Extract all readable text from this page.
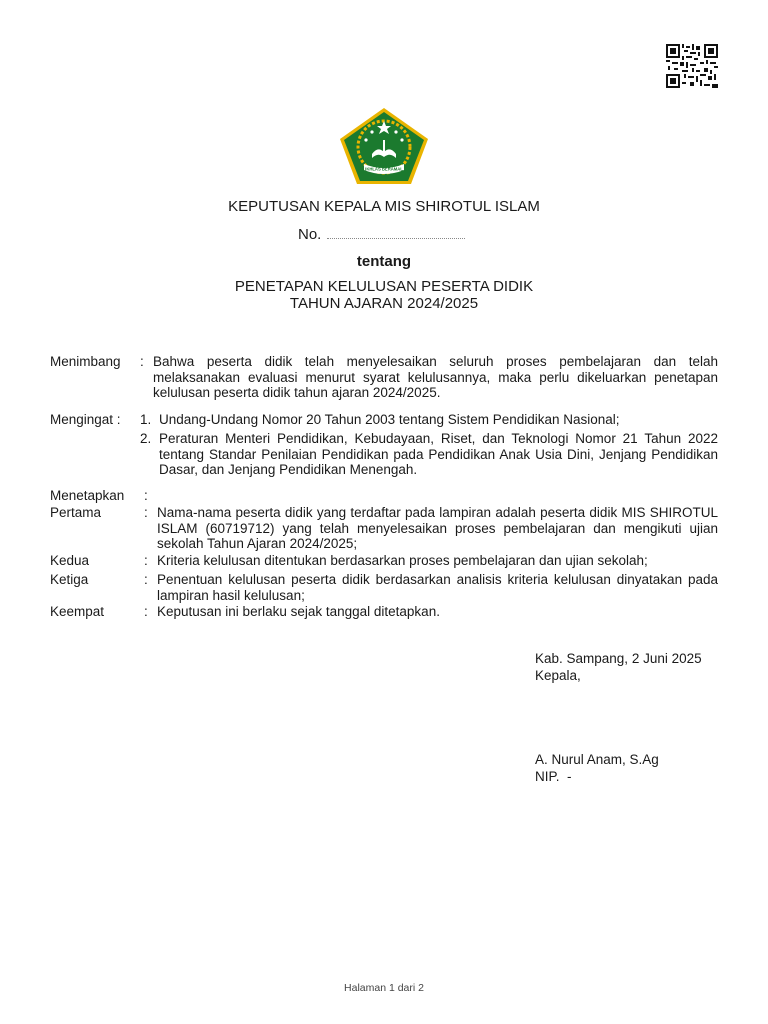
IKHLAS BERAMAL
KEPUTUSAN KEPALA MIS SHIROTUL ISLAM
No.
tentang
PENETAPAN KELULUSAN PESERTA DIDIK
TAHUN AJARAN 2024/2025
Menimbang : Bahwa peserta didik telah menyelesaikan seluruh proses pembelajaran dan telah melaksanakan evaluasi menurut syarat kelulusannya, maka perlu dikeluarkan penetapan kelulusan peserta didik tahun ajaran 2024/2025.
Mengingat : 1. Undang-Undang Nomor 20 Tahun 2003 tentang Sistem Pendidikan Nasional;
2. Peraturan Menteri Pendidikan, Kebudayaan, Riset, dan Teknologi Nomor 21 Tahun 2022 tentang Standar Penilaian Pendidikan pada Pendidikan Anak Usia Dini, Jenjang Pendidikan Dasar, dan Jenjang Pendidikan Menengah.
Menetapkan :
Pertama	: Nama-nama peserta didik yang terdaftar pada lampiran adalah peserta didik MIS SHIROTUL ISLAM (60719712) yang telah menyelesaikan proses pembelajaran dan mengikuti ujian sekolah Tahun Ajaran 2024/2025;
Kedua	: Kriteria kelulusan ditentukan berdasarkan proses pembelajaran dan ujian sekolah;
Ketiga	: Penentuan kelulusan peserta didik berdasarkan analisis kriteria kelulusan dinyatakan pada lampiran hasil kelulusan;
Keempat	: Keputusan ini berlaku sejak tanggal ditetapkan.
Kab. Sampang, 2 Juni 2025
Kepala,
A. Nurul Anam, S.Ag
NIP.  -
Halaman 1 dari 2
